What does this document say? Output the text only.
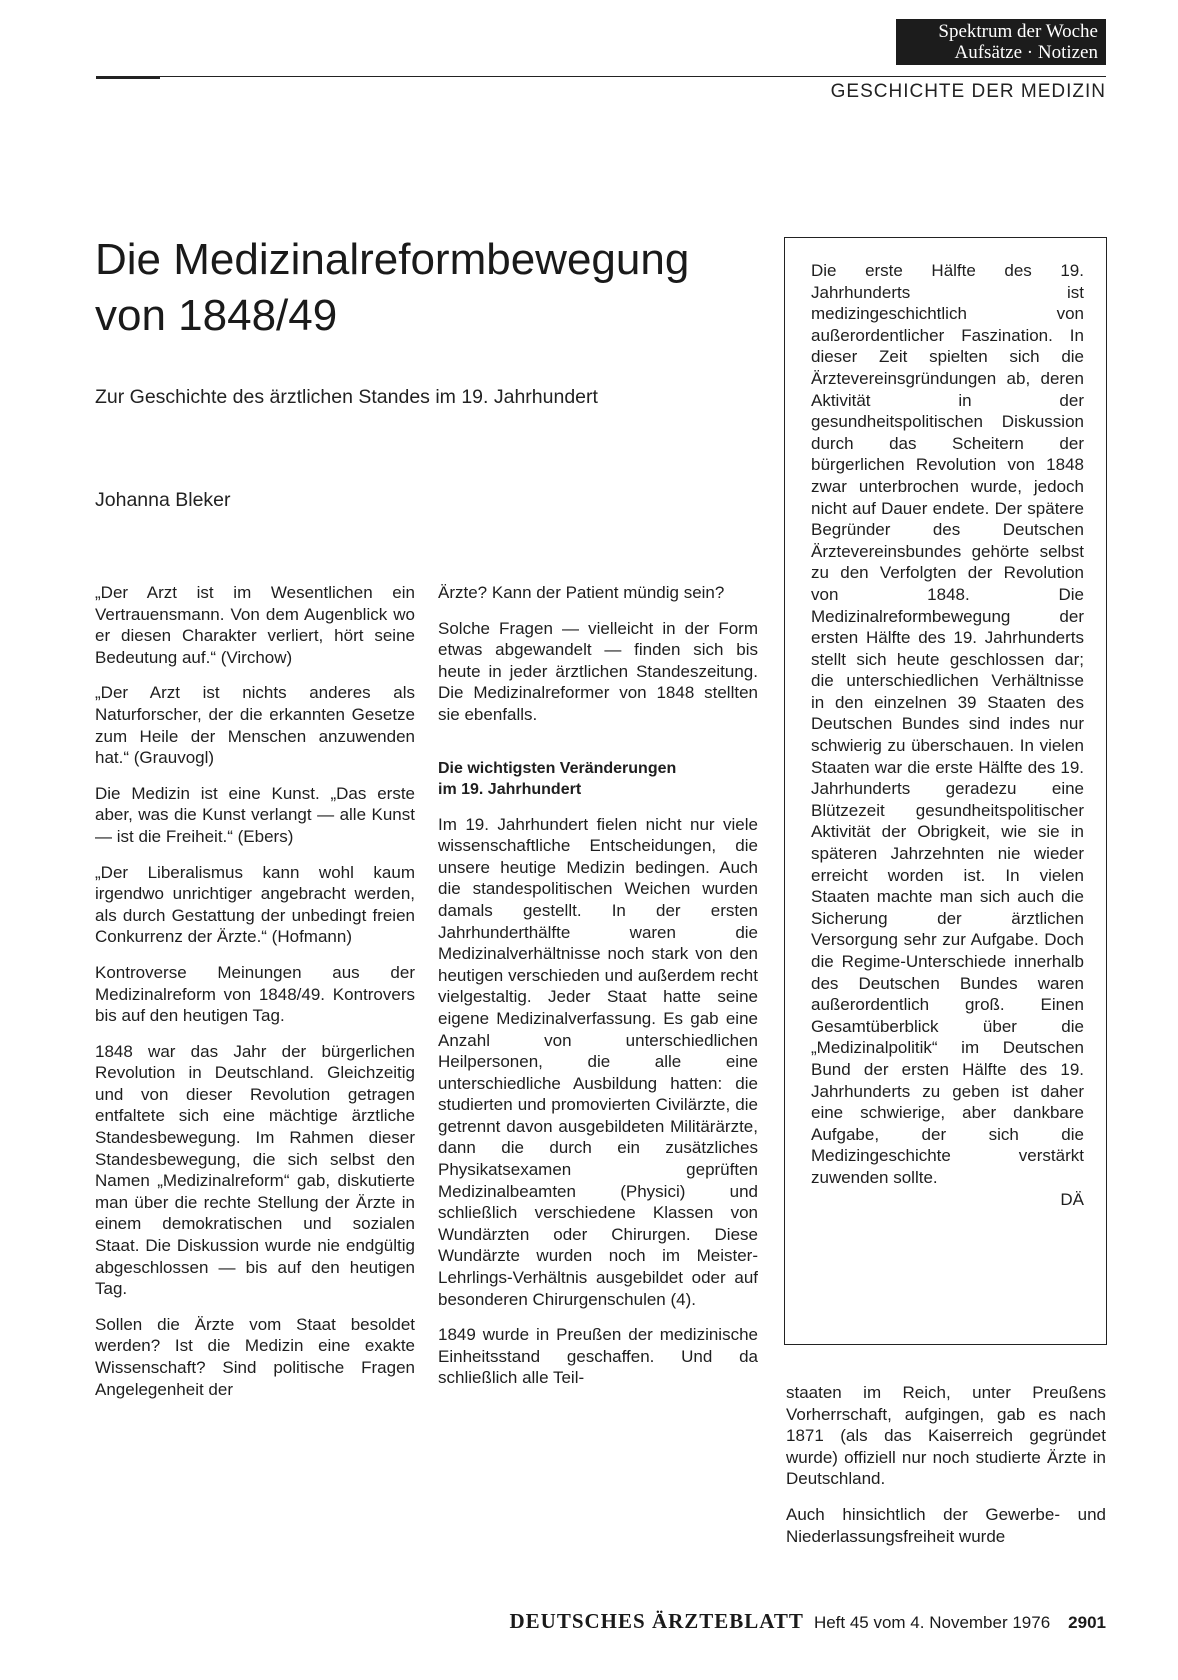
Spektrum der Woche
Aufsätze · Notizen
GESCHICHTE DER MEDIZIN
Die Medizinalreformbewegung
von 1848/49

Zur Geschichte des ärztlichen Standes im 19. Jahrhundert

Johanna Bleker

„Der Arzt ist im Wesentlichen ein Vertrauensmann. Von dem Augenblick wo er diesen Charakter verliert, hört seine Bedeutung auf.“ (Virchow)

„Der Arzt ist nichts anderes als Naturforscher, der die erkannten Gesetze zum Heile der Menschen anzuwenden hat.“ (Grauvogl)

Die Medizin ist eine Kunst. „Das erste aber, was die Kunst verlangt — alle Kunst — ist die Freiheit.“ (Ebers)

„Der Liberalismus kann wohl kaum irgendwo unrichtiger angebracht werden, als durch Gestattung der unbedingt freien Conkurrenz der Ärzte.“ (Hofmann)

Kontroverse Meinungen aus der Medizinalreform von 1848/49. Kontrovers bis auf den heutigen Tag.

1848 war das Jahr der bürgerlichen Revolution in Deutschland. Gleichzeitig und von dieser Revolution getragen entfaltete sich eine mächtige ärztliche Standesbewegung. Im Rahmen dieser Standesbewegung, die sich selbst den Namen „Medizinalreform“ gab, diskutierte man über die rechte Stellung der Ärzte in einem demokratischen und sozialen Staat. Die Diskussion wurde nie endgültig abgeschlossen — bis auf den heutigen Tag.

Sollen die Ärzte vom Staat besoldet werden? Ist die Medizin eine exakte Wissenschaft? Sind politische Fragen Angelegenheit der

Ärzte? Kann der Patient mündig sein?

Solche Fragen — vielleicht in der Form etwas abgewandelt — finden sich bis heute in jeder ärztlichen Standeszeitung. Die Medizinalreformer von 1848 stellten sie ebenfalls.

Die wichtigsten Veränderungen
im 19. Jahrhundert

Im 19. Jahrhundert fielen nicht nur viele wissenschaftliche Entscheidungen, die unsere heutige Medizin bedingen. Auch die standespolitischen Weichen wurden damals gestellt. In der ersten Jahrhunderthälfte waren die Medizinalverhältnisse noch stark von den heutigen verschieden und außerdem recht vielgestaltig. Jeder Staat hatte seine eigene Medizinalverfassung. Es gab eine Anzahl von unterschiedlichen Heilpersonen, die alle eine unterschiedliche Ausbildung hatten: die studierten und promovierten Civilärzte, die getrennt davon ausgebildeten Militärärzte, dann die durch ein zusätzliches Physikatsexamen geprüften Medizinalbeamten (Physici) und schließlich verschiedene Klassen von Wundärzten oder Chirurgen. Diese Wundärzte wurden noch im Meister-Lehrlings-Verhältnis ausgebildet oder auf besonderen Chirurgenschulen (4).

1849 wurde in Preußen der medizinische Einheitsstand geschaffen. Und da schließlich alle Teil-

Die erste Hälfte des 19. Jahrhunderts ist medizingeschichtlich von außerordentlicher Faszination. In dieser Zeit spielten sich die Ärztevereinsgründungen ab, deren Aktivität in der gesundheitspolitischen Diskussion durch das Scheitern der bürgerlichen Revolution von 1848 zwar unterbrochen wurde, jedoch nicht auf Dauer endete. Der spätere Begründer des Deutschen Ärztevereinsbundes gehörte selbst zu den Verfolgten der Revolution von 1848. Die Medizinalreformbewegung der ersten Hälfte des 19. Jahrhunderts stellt sich heute geschlossen dar; die unterschiedlichen Verhältnisse in den einzelnen 39 Staaten des Deutschen Bundes sind indes nur schwierig zu überschauen. In vielen Staaten war die erste Hälfte des 19. Jahrhunderts geradezu eine Blützezeit gesundheitspolitischer Aktivität der Obrigkeit, wie sie in späteren Jahrzehnten nie wieder erreicht worden ist. In vielen Staaten machte man sich auch die Sicherung der ärztlichen Versorgung sehr zur Aufgabe. Doch die Regime-Unterschiede innerhalb des Deutschen Bundes waren außerordentlich groß. Einen Gesamtüberblick über die „Medizinalpolitik“ im Deutschen Bund der ersten Hälfte des 19. Jahrhunderts zu geben ist daher eine schwierige, aber dankbare Aufgabe, der sich die Medizingeschichte verstärkt zuwenden sollte.

DÄ

staaten im Reich, unter Preußens Vorherrschaft, aufgingen, gab es nach 1871 (als das Kaiserreich gegründet wurde) offiziell nur noch studierte Ärzte in Deutschland.

Auch hinsichtlich der Gewerbe- und Niederlassungsfreiheit wurde

DEUTSCHES ÄRZTEBLATT Heft 45 vom 4. November 1976 2901
